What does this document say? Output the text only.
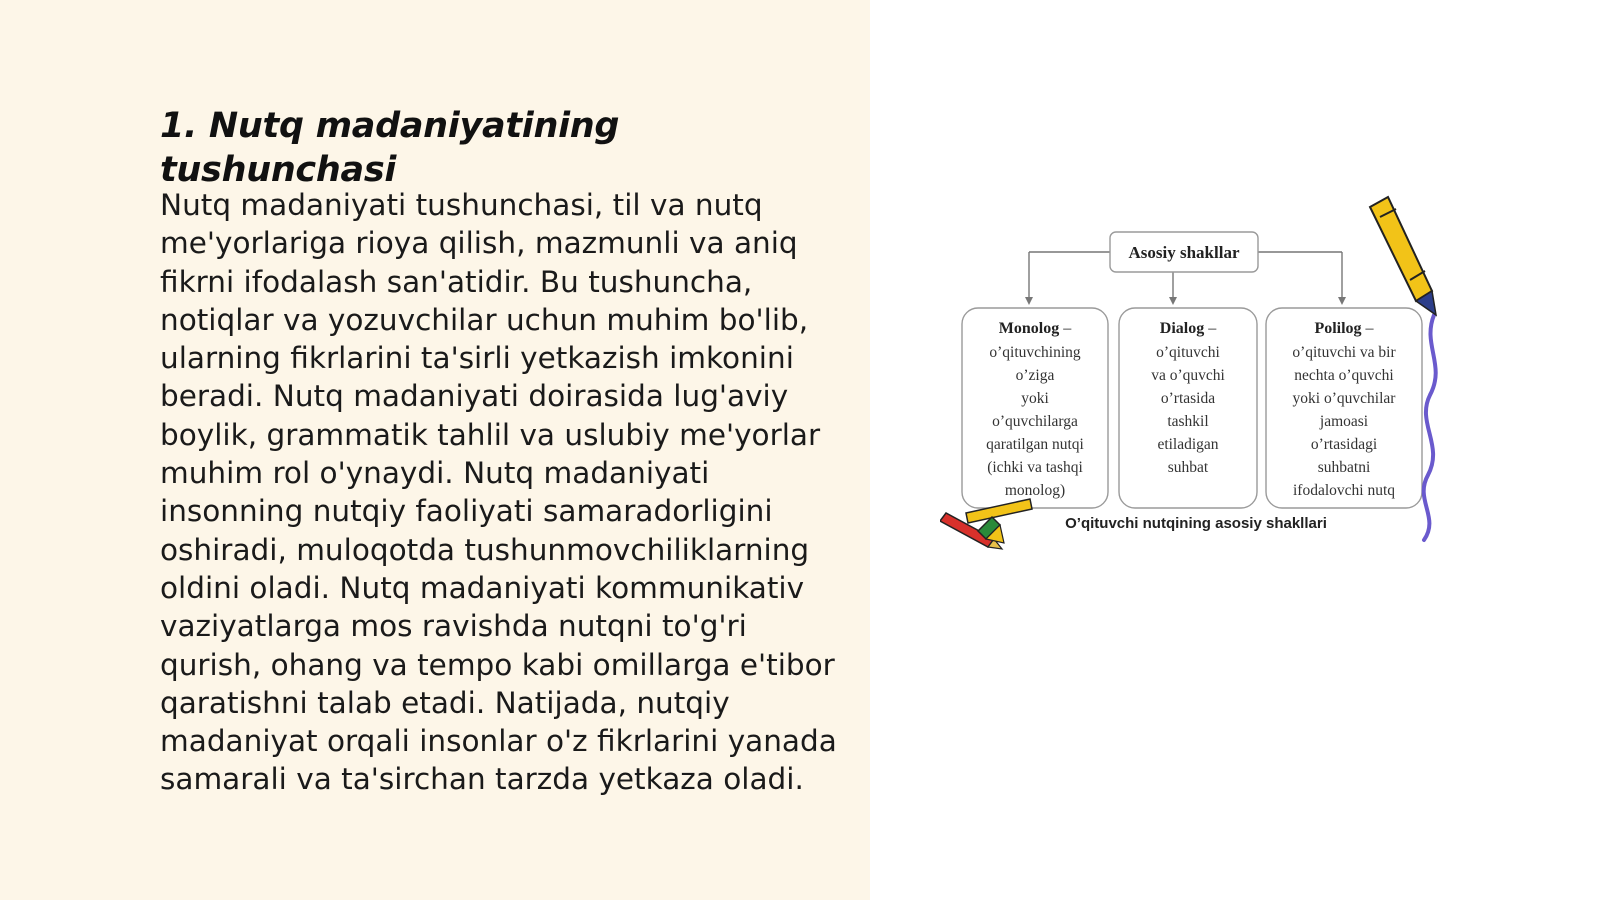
1. Nutq madaniyatining tushunchasi

Nutq madaniyati tushunchasi, til va nutq me'yorlariga rioya qilish, mazmunli va aniq fikrni ifodalash san'atidir. Bu tushuncha, notiqlar va yozuvchilar uchun muhim bo'lib, ularning fikrlarini ta'sirli yetkazish imkonini beradi. Nutq madaniyati doirasida lug'aviy boylik, grammatik tahlil va uslubiy me'yorlar muhim rol o'ynaydi. Nutq madaniyati insonning nutqiy faoliyati samaradorligini oshiradi, muloqotda tushunmovchiliklarning oldini oladi. Nutq madaniyati kommunikativ vaziyatlarga mos ravishda nutqni to'g'ri qurish, ohang va tempo kabi omillarga e'tibor qaratishni talab etadi. Natijada, nutqiy madaniyat orqali insonlar o'z fikrlarini yanada samarali va ta'sirchan tarzda yetkaza oladi.

Asosiy shakllar
Monolog –
o’qituvchining
o’ziga
yoki
o’quvchilarga
qaratilgan nutqi
(ichki va tashqi
monolog)
Dialog –
o’qituvchi
va o’quvchi
o’rtasida
tashkil
etiladigan
suhbat
Polilog –
o’qituvchi va bir
nechta o’quvchi
yoki o’quvchilar
jamoasi
o’rtasidagi
suhbatni
ifodalovchi nutq
O’qituvchi nutqining asosiy shakllari
